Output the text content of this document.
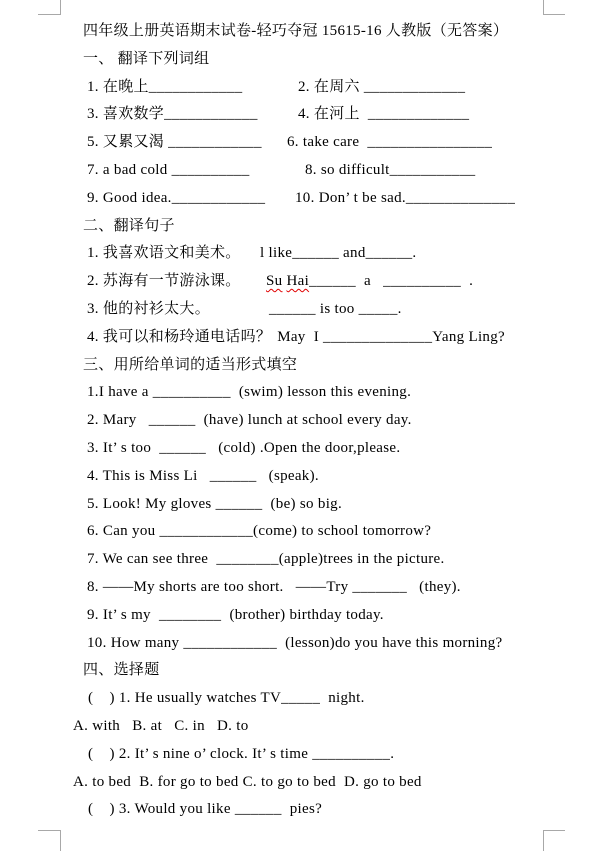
四年级上册英语期末试卷-轻巧夺冠 15615-16 人教版（无答案）

一、 翻译下列词组

1. 在晚上____________	2. 在周六 _____________

3. 喜欢数学____________	4. 在河上  _____________

5. 又累又渴 ____________ 6. take care  ________________

7. a bad cold __________	8. so difficult___________

9. Good idea.____________ 10. Don’ t be sad.______________

二、翻译句子

1. 我喜欢语文和美术。 l like______ and______.

2. 苏海有一节游泳课。 Su Hai______  a   __________  .

3. 他的衬衫太大。	______ is too _____.

4. 我可以和杨玲通电话吗？ May  I ______________Yang Ling?

三、用所给单词的适当形式填空

1.I have a __________  (swim) lesson this evening.

2. Mary   ______  (have) lunch at school every day.

3. It’ s too  ______   (cold) .Open the door,please.

4. This is Miss Li   ______   (speak).

5. Look! My gloves ______  (be) so big.

6. Can you ____________(come) to school tomorrow?

7. We can see three  ________(apple)trees in the picture.

8. ——My shorts are too short.   ——Try _______   (they).

9. It’ s my  ________  (brother) birthday today.

10. How many ____________  (lesson)do you have this morning?

四、选择题

(    ) 1. He usually watches TV_____  night.

A. with   B. at   C. in   D. to

(    ) 2. It’ s nine o’ clock. It’ s time __________.

A. to bed  B. for go to bed C. to go to bed  D. go to bed

(    ) 3. Would you like ______  pies?
